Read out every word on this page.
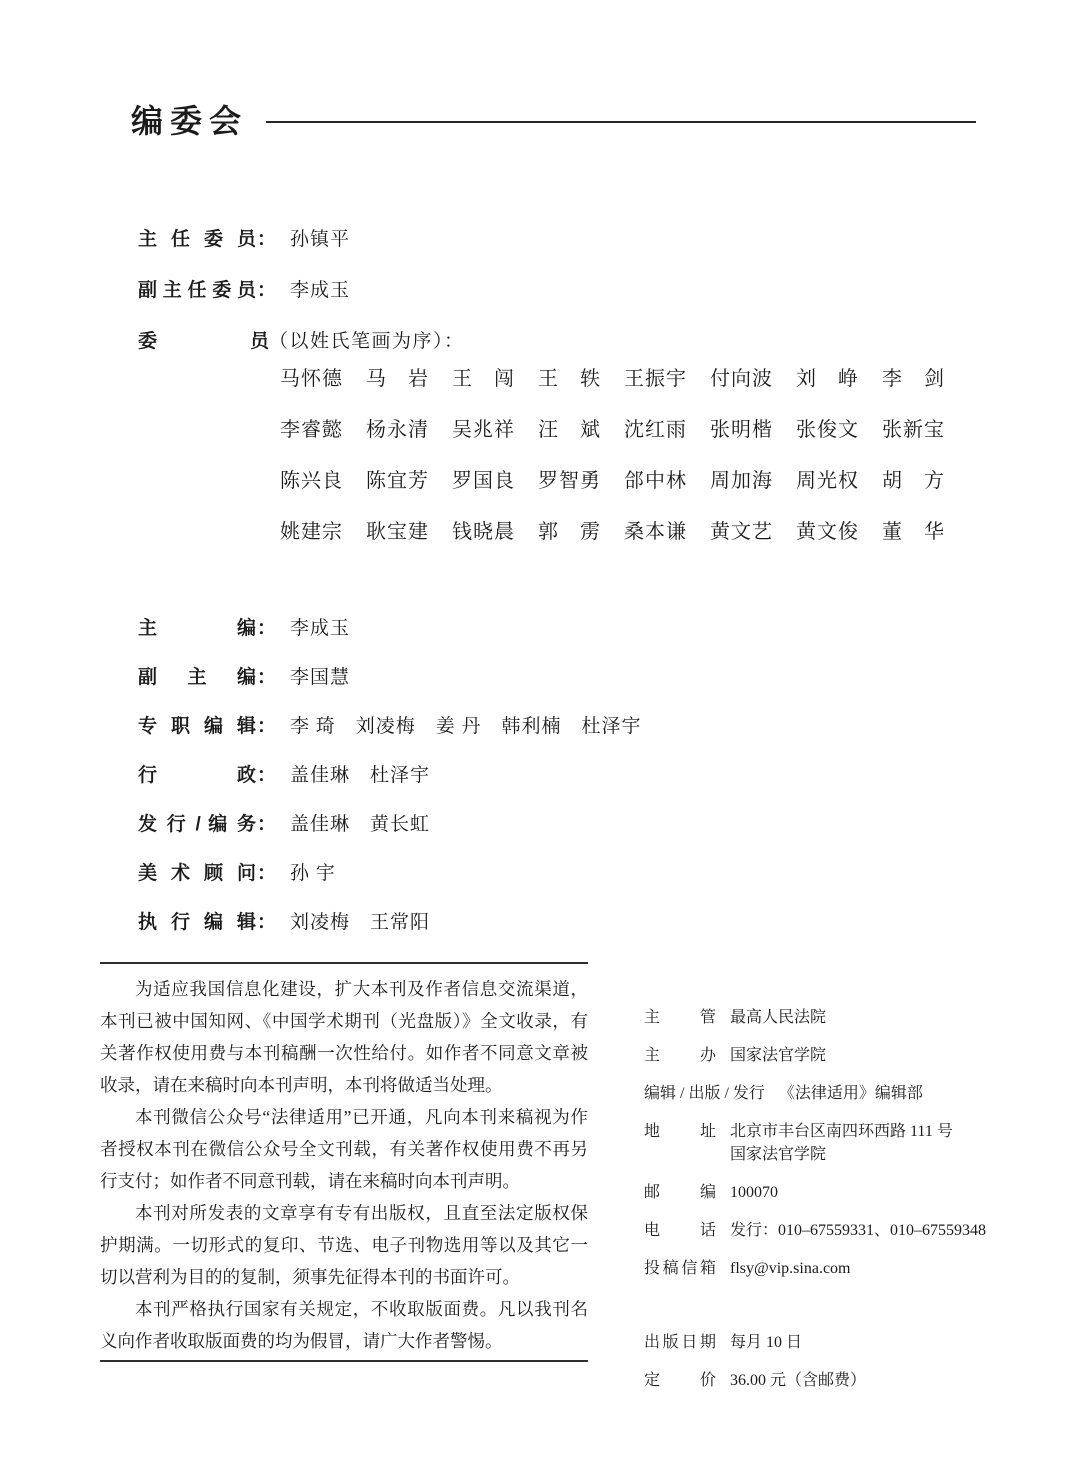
编委会
主 任 委 员 ： 孙镇平
副 主 任 委 员 ： 李成玉
委 员 （以姓氏笔画为序）：
马怀德 马 岩 王 闯 王 轶 王振宇 付向波 刘 峥 李 剑
李睿懿 杨永清 吴兆祥 汪 斌 沈红雨 张明楷 张俊文 张新宝
陈兴良 陈宜芳 罗国良 罗智勇 郃中林 周加海 周光权 胡 方
姚建宗 耿宝建 钱晓晨 郭 雳 桑本谦 黄文艺 黄文俊 董 华
主 编 ： 李成玉
副 主 编 ： 李国慧
专 职 编 辑 ： 李 琦　刘凌梅　姜 丹　韩利楠　杜泽宇
行 政 ： 盖佳琳　杜泽宇
发 行 / 编 务 ： 盖佳琳　黄长虹
美 术 顾 问 ： 孙 宇
执 行 编 辑 ： 刘凌梅　王常阳

为适应我国信息化建设，扩大本刊及作者信息交流渠道，本刊已被中国知网、《中国学术期刊（光盘版）》全文收录，有关著作权使用费与本刊稿酬一次性给付。如作者不同意文章被收录，请在来稿时向本刊声明，本刊将做适当处理。

本刊微信公众号“法律适用”已开通，凡向本刊来稿视为作者授权本刊在微信公众号全文刊载，有关著作权使用费不再另行支付；如作者不同意刊载，请在来稿时向本刊声明。

本刊对所发表的文章享有专有出版权，且直至法定版权保护期满。一切形式的复印、节选、电子刊物选用等以及其它一切以营利为目的的复制，须事先征得本刊的书面许可。

本刊严格执行国家有关规定，不收取版面费。凡以我刊名义向作者收取版面费的均为假冒，请广大作者警惕。

主 管 最高人民法院
主 办 国家法官学院
编辑 / 出版 / 发行 《法律适用》编辑部
地 址 北京市丰台区南四环西路 111 号
国家法官学院
邮 编 100070
电 话 发行：010–67559331、010–67559348
投稿信箱 flsy@vip.sina.com
出版日期 每月 10 日
定 价 36.00 元（含邮费）
